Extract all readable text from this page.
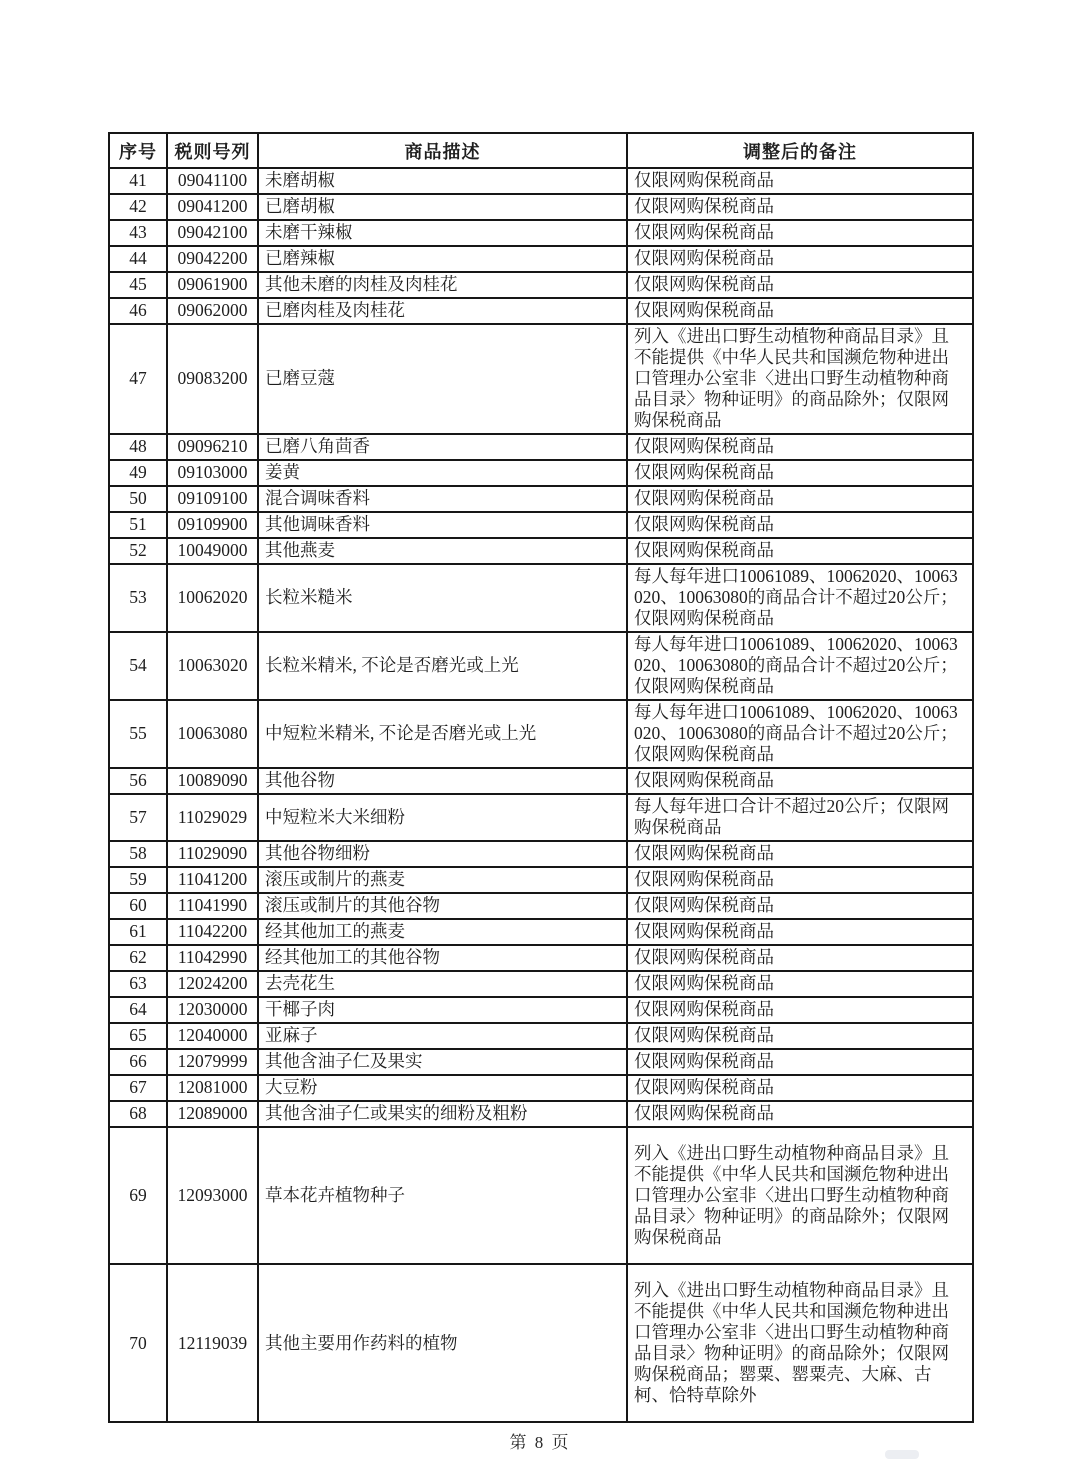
序号	税则号列	商品描述	调整后的备注
41	09041100	未磨胡椒	仅限网购保税商品
42	09041200	已磨胡椒	仅限网购保税商品
43	09042100	未磨干辣椒	仅限网购保税商品
44	09042200	已磨辣椒	仅限网购保税商品
45	09061900	其他未磨的肉桂及肉桂花	仅限网购保税商品
46	09062000	已磨肉桂及肉桂花	仅限网购保税商品
47	09083200	已磨豆蔻	列入《进出口野生动植物种商品目录》且不能提供《中华人民共和国濒危物种进出口管理办公室非〈进出口野生动植物种商品目录〉物种证明》的商品除外；仅限网购保税商品
48	09096210	已磨八角茴香	仅限网购保税商品
49	09103000	姜黄	仅限网购保税商品
50	09109100	混合调味香料	仅限网购保税商品
51	09109900	其他调味香料	仅限网购保税商品
52	10049000	其他燕麦	仅限网购保税商品
53	10062020	长粒米糙米	每人每年进口10061089、10062020、10063020、10063080的商品合计不超过20公斤；仅限网购保税商品
54	10063020	长粒米精米, 不论是否磨光或上光	每人每年进口10061089、10062020、10063020、10063080的商品合计不超过20公斤；仅限网购保税商品
55	10063080	中短粒米精米, 不论是否磨光或上光	每人每年进口10061089、10062020、10063020、10063080的商品合计不超过20公斤；仅限网购保税商品
56	10089090	其他谷物	仅限网购保税商品
57	11029029	中短粒米大米细粉	每人每年进口合计不超过20公斤；仅限网购保税商品
58	11029090	其他谷物细粉	仅限网购保税商品
59	11041200	滚压或制片的燕麦	仅限网购保税商品
60	11041990	滚压或制片的其他谷物	仅限网购保税商品
61	11042200	经其他加工的燕麦	仅限网购保税商品
62	11042990	经其他加工的其他谷物	仅限网购保税商品
63	12024200	去壳花生	仅限网购保税商品
64	12030000	干椰子肉	仅限网购保税商品
65	12040000	亚麻子	仅限网购保税商品
66	12079999	其他含油子仁及果实	仅限网购保税商品
67	12081000	大豆粉	仅限网购保税商品
68	12089000	其他含油子仁或果实的细粉及粗粉	仅限网购保税商品
69	12093000	草本花卉植物种子	列入《进出口野生动植物种商品目录》且不能提供《中华人民共和国濒危物种进出口管理办公室非〈进出口野生动植物种商品目录〉物种证明》的商品除外；仅限网购保税商品
70	12119039	其他主要用作药料的植物	列入《进出口野生动植物种商品目录》且不能提供《中华人民共和国濒危物种进出口管理办公室非〈进出口野生动植物种商品目录〉物种证明》的商品除外；仅限网购保税商品；罂粟、罂粟壳、大麻、古柯、恰特草除外
第 8 页
